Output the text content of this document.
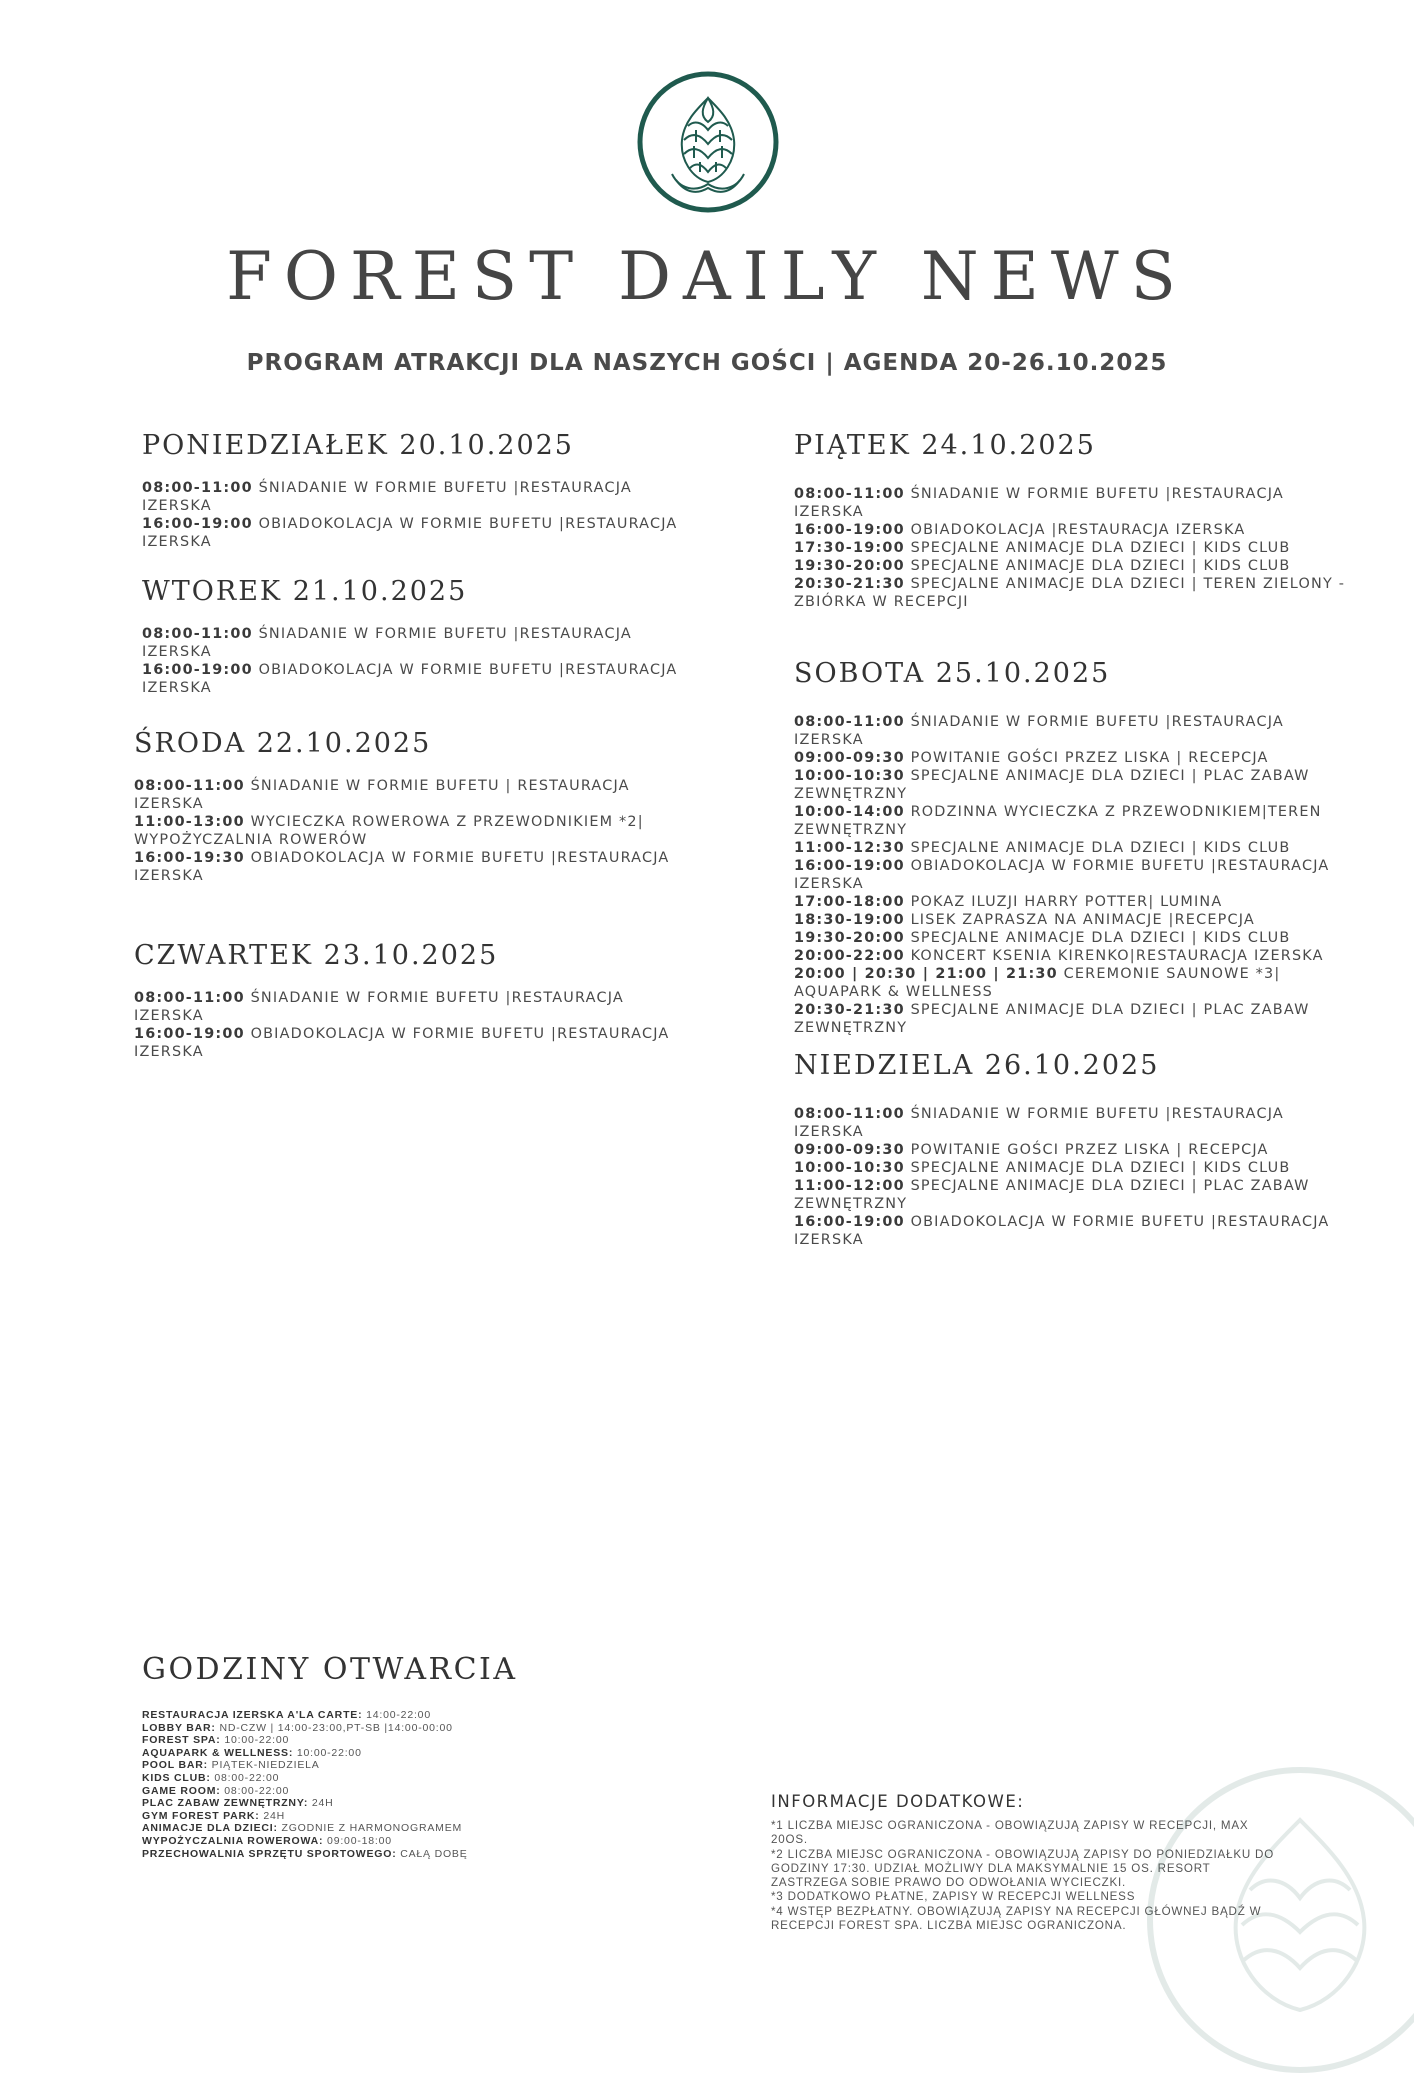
FOREST DAILY NEWS
PROGRAM ATRAKCJI DLA NASZYCH GOŚCI | AGENDA 20-26.10.2025
PONIEDZIAŁEK 20.10.2025
08:00-11:00 ŚNIADANIE W FORMIE BUFETU |RESTAURACJA IZERSKA
16:00-19:00 OBIADOKOLACJA W FORMIE BUFETU |RESTAURACJA IZERSKA
WTOREK 21.10.2025
08:00-11:00 ŚNIADANIE W FORMIE BUFETU |RESTAURACJA IZERSKA
16:00-19:00 OBIADOKOLACJA W FORMIE BUFETU |RESTAURACJA IZERSKA
ŚRODA 22.10.2025
08:00-11:00 ŚNIADANIE W FORMIE BUFETU | RESTAURACJA IZERSKA
11:00-13:00 WYCIECZKA ROWEROWA Z PRZEWODNIKIEM *2| WYPOŻYCZALNIA ROWERÓW
16:00-19:30 OBIADOKOLACJA W FORMIE BUFETU |RESTAURACJA IZERSKA
CZWARTEK 23.10.2025
08:00-11:00 ŚNIADANIE W FORMIE BUFETU |RESTAURACJA IZERSKA
16:00-19:00 OBIADOKOLACJA W FORMIE BUFETU |RESTAURACJA IZERSKA
PIĄTEK 24.10.2025
08:00-11:00 ŚNIADANIE W FORMIE BUFETU |RESTAURACJA IZERSKA
16:00-19:00 OBIADOKOLACJA |RESTAURACJA IZERSKA
17:30-19:00 SPECJALNE ANIMACJE DLA DZIECI | KIDS CLUB
19:30-20:00 SPECJALNE ANIMACJE DLA DZIECI | KIDS CLUB
20:30-21:30 SPECJALNE ANIMACJE DLA DZIECI | TEREN ZIELONY - ZBIÓRKA W RECEPCJI
SOBOTA 25.10.2025
08:00-11:00 ŚNIADANIE W FORMIE BUFETU |RESTAURACJA IZERSKA
09:00-09:30 POWITANIE GOŚCI PRZEZ LISKA | RECEPCJA
10:00-10:30 SPECJALNE ANIMACJE DLA DZIECI | PLAC ZABAW ZEWNĘTRZNY
10:00-14:00 RODZINNA WYCIECZKA Z PRZEWODNIKIEM|TEREN ZEWNĘTRZNY
11:00-12:30 SPECJALNE ANIMACJE DLA DZIECI | KIDS CLUB
16:00-19:00 OBIADOKOLACJA W FORMIE BUFETU |RESTAURACJA IZERSKA
17:00-18:00 POKAZ ILUZJI HARRY POTTER| LUMINA
18:30-19:00 LISEK ZAPRASZA NA ANIMACJE |RECEPCJA
19:30-20:00 SPECJALNE ANIMACJE DLA DZIECI | KIDS CLUB
20:00-22:00 KONCERT KSENIA KIRENKO|RESTAURACJA IZERSKA
20:00 | 20:30 | 21:00 | 21:30 CEREMONIE SAUNOWE *3| AQUAPARK & WELLNESS
20:30-21:30 SPECJALNE ANIMACJE DLA DZIECI | PLAC ZABAW ZEWNĘTRZNY
NIEDZIELA 26.10.2025
08:00-11:00 ŚNIADANIE W FORMIE BUFETU |RESTAURACJA IZERSKA
09:00-09:30 POWITANIE GOŚCI PRZEZ LISKA | RECEPCJA
10:00-10:30 SPECJALNE ANIMACJE DLA DZIECI | KIDS CLUB
11:00-12:00 SPECJALNE ANIMACJE DLA DZIECI | PLAC ZABAW ZEWNĘTRZNY
16:00-19:00 OBIADOKOLACJA W FORMIE BUFETU |RESTAURACJA IZERSKA
GODZINY OTWARCIA
RESTAURACJA IZERSKA A'LA CARTE: 14:00-22:00
LOBBY BAR: ND-CZW | 14:00-23:00,PT-SB |14:00-00:00
FOREST SPA: 10:00-22:00
AQUAPARK & WELLNESS: 10:00-22:00
POOL BAR: PIĄTEK-NIEDZIELA
KIDS CLUB: 08:00-22:00
GAME ROOM: 08:00-22:00
PLAC ZABAW ZEWNĘTRZNY: 24H
GYM FOREST PARK: 24H
ANIMACJE DLA DZIECI: ZGODNIE Z HARMONOGRAMEM
WYPOŻYCZALNIA ROWEROWA: 09:00-18:00
PRZECHOWALNIA SPRZĘTU SPORTOWEGO: CAŁĄ DOBĘ
INFORMACJE DODATKOWE:
*1 LICZBA MIEJSC OGRANICZONA - OBOWIĄZUJĄ ZAPISY W RECEPCJI, MAX 20OS.
*2 LICZBA MIEJSC OGRANICZONA - OBOWIĄZUJĄ ZAPISY DO PONIEDZIAŁKU DO GODZINY 17:30. UDZIAŁ MOŻLIWY DLA MAKSYMALNIE 15 OS. RESORT ZASTRZEGA SOBIE PRAWO DO ODWOŁANIA WYCIECZKI.
*3 DODATKOWO PŁATNE, ZAPISY W RECEPCJI WELLNESS
*4 WSTĘP BEZPŁATNY. OBOWIĄZUJĄ ZAPISY NA RECEPCJI GŁÓWNEJ BĄDŹ W RECEPCJI FOREST SPA. LICZBA MIEJSC OGRANICZONA.
